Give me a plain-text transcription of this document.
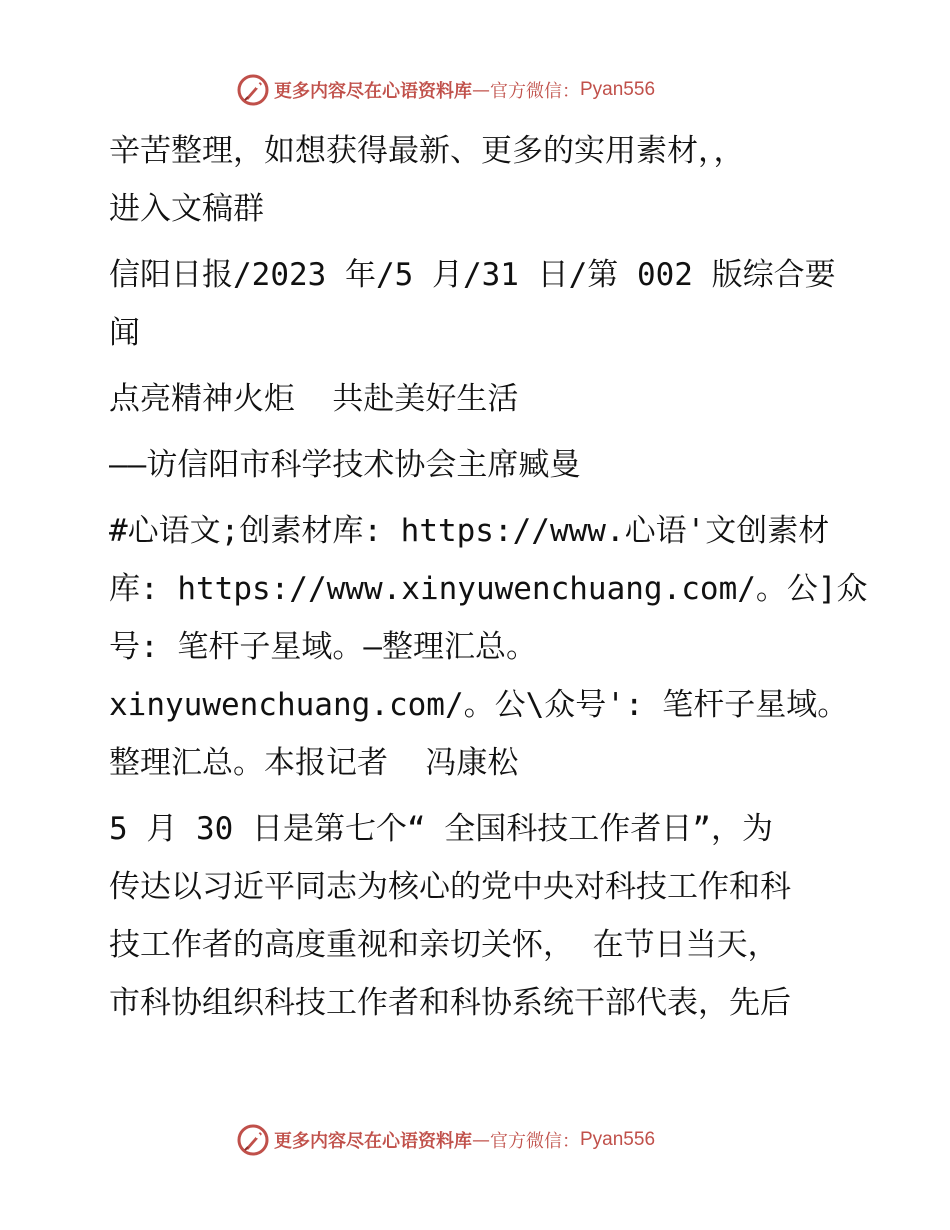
更多内容尽在心语资料库 — 官方微信： Pyan556
辛苦整理，如想获得最新、更多的实用素材，，
进入文稿群
信阳日报/2023 年/5 月/31 日/第 002 版综合要
闻
点亮精神火炬  共赴美好生活
——访信阳市科学技术协会主席臧曼
#心语文;创素材库: https://www.心语'文创素材
库: https://www.xinyuwenchuang.com/。公]众
号: 笔杆子星域。—整理汇总。
xinyuwenchuang.com/。公\众号': 笔杆子星域。
整理汇总。本报记者  冯康松
5 月 30 日是第七个“ 全国科技工作者日”，为
传达以习近平同志为核心的党中央对科技工作和科
技工作者的高度重视和亲切关怀， 在节日当天，
市科协组织科技工作者和科协系统干部代表，先后
更多内容尽在心语资料库 — 官方微信： Pyan556
